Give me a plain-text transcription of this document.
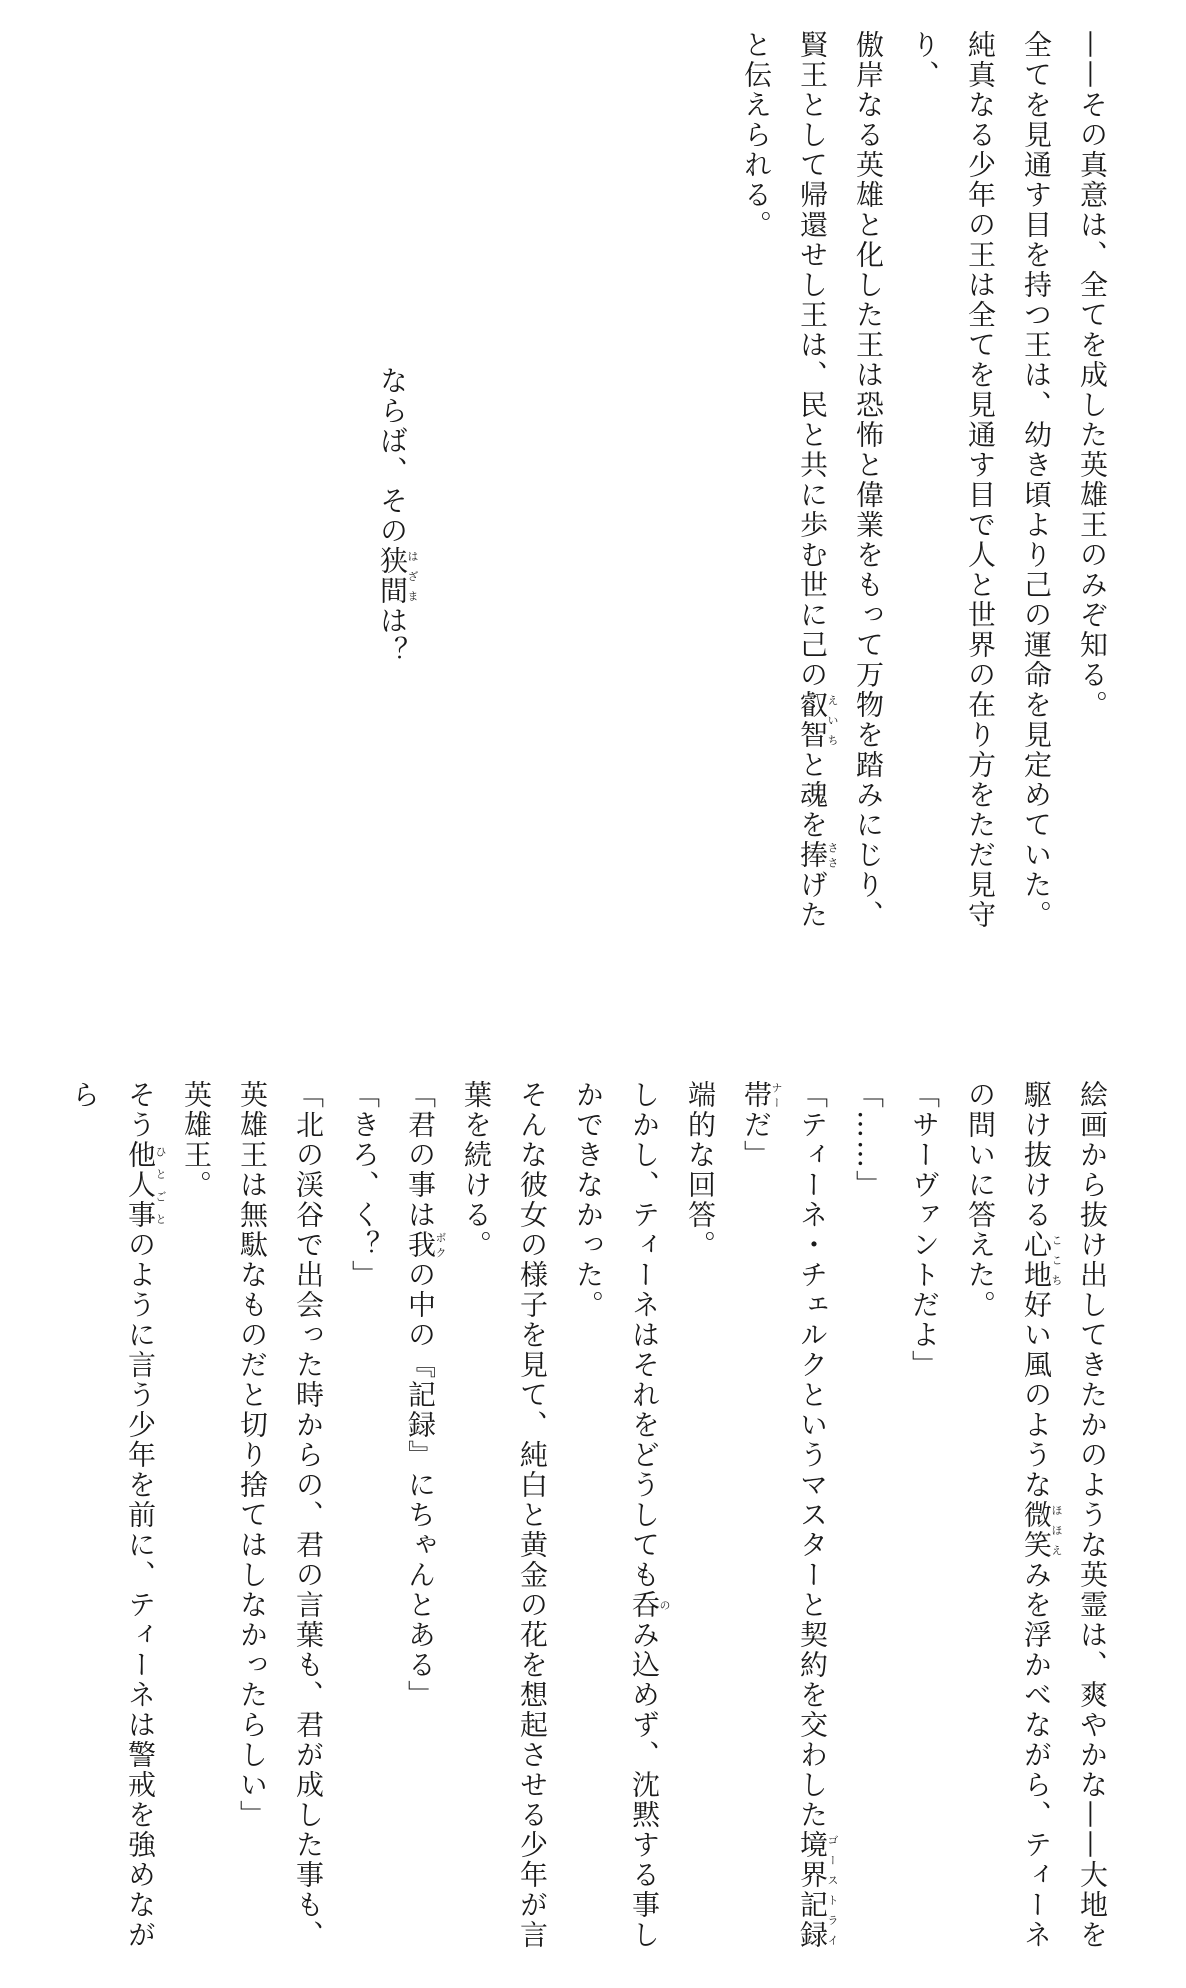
——その真意は、全てを成した英雄王のみぞ知る。

全てを見通す目を持つ王は、幼き頃より己の運命を見定めていた。

純真なる少年の王は全てを見通す目で人と世界の在り方をただ見守り、

傲岸なる英雄と化した王は恐怖と偉業をもって万物を踏みにじり、

賢王として帰還せし王は、民と共に歩む世に己の叡智えいちと魂を捧ささげたと伝えられる。

ならば、その狭間はざまは？

絵画から抜け出してきたかのような英霊は、爽やかな——大地を駆け抜ける心地ここち好い風のような微笑ほほえみを浮かべながら、ティーネの問いに答えた。

「サーヴァントだよ」

「……」

「ティーネ・チェルクというマスターと契約を交わした境界記録帯ゴーストライナーだ」

端的な回答。

しかし、ティーネはそれをどうしても呑のみ込めず、沈黙する事しかできなかった。

そんな彼女の様子を見て、純白と黄金の花を想起させる少年が言葉を続ける。

「君の事は我ボクの中の『記録』にちゃんとある」

「きろ、く？」

「北の渓谷で出会った時からの、君の言葉も、君が成した事も、英雄王は無駄なものだと切り捨てはしなかったらしい」

英雄王。

そう他人事ひとごとのように言う少年を前に、ティーネは警戒を強めながら
